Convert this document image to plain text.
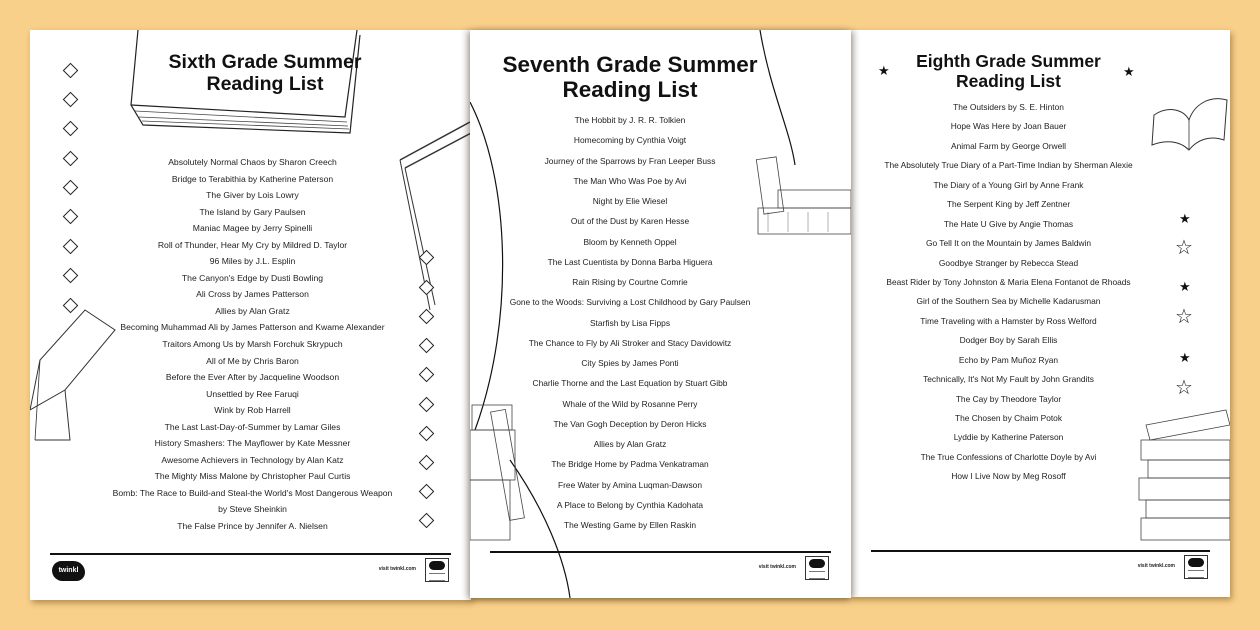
Sixth Grade Summer
Reading List
Absolutely Normal Chaos by Sharon Creech
Bridge to Terabithia by Katherine Paterson
The Giver by Lois Lowry
The Island by Gary Paulsen
Maniac Magee by Jerry Spinelli
Roll of Thunder, Hear My Cry by Mildred D. Taylor
96 Miles by J.L. Esplin
The Canyon's Edge by Dusti Bowling
Ali Cross by James Patterson
Allies by Alan Gratz
Becoming Muhammad Ali by James Patterson and Kwame Alexander
Traitors Among Us by Marsh Forchuk Skrypuch
All of Me by Chris Baron
Before the Ever After by Jacqueline Woodson
Unsettled by Ree Faruqi
Wink by Rob Harrell
The Last Last-Day-of-Summer by Lamar Giles
History Smashers: The Mayflower by Kate Messner
Awesome Achievers in Technology by Alan Katz
The Mighty Miss Malone by Christopher Paul Curtis
Bomb: The Race to Build-and Steal-the World's Most Dangerous Weapon
by Steve Sheinkin
The False Prince by Jennifer A. Nielsen
twinkl	visit twinkl.com
Seventh Grade Summer
Reading List
The Hobbit by J. R. R. Tolkien
Homecoming by Cynthia Voigt
Journey of the Sparrows by Fran Leeper Buss
The Man Who Was Poe by Avi
Night by Elie Wiesel
Out of the Dust by Karen Hesse
Bloom by Kenneth Oppel
The Last Cuentista by Donna Barba Higuera
Rain Rising by Courtne Comrie
Gone to the Woods: Surviving a Lost Childhood by Gary Paulsen
Starfish by Lisa Fipps
The Chance to Fly by Ali Stroker and Stacy Davidowitz
City Spies by James Ponti
Charlie Thorne and the Last Equation by Stuart Gibb
Whale of the Wild by Rosanne Perry
The Van Gogh Deception by Deron Hicks
Allies by Alan Gratz
The Bridge Home by Padma Venkatraman
Free Water by Amina Luqman-Dawson
A Place to Belong by Cynthia Kadohata
The Westing Game by Ellen Raskin
visit twinkl.com
★	★
★
☆
★
☆
★
☆
Eighth Grade Summer
Reading List
The Outsiders by S. E. Hinton
Hope Was Here by Joan Bauer
Animal Farm by George Orwell
The Absolutely True Diary of a Part-Time Indian by Sherman Alexie
The Diary of a Young Girl by Anne Frank
The Serpent King by Jeff Zentner
The Hate U Give by Angie Thomas
Go Tell It on the Mountain by James Baldwin
Goodbye Stranger by Rebecca Stead
Beast Rider by Tony Johnston & Maria Elena Fontanot de Rhoads
Girl of the Southern Sea by Michelle Kadarusman
Time Traveling with a Hamster by Ross Welford
Dodger Boy by Sarah Ellis
Echo by Pam Muñoz Ryan
Technically, It's Not My Fault by John Grandits
The Cay by Theodore Taylor
The Chosen by Chaim Potok
Lyddie by Katherine Paterson
The True Confessions of Charlotte Doyle by Avi
How I Live Now by Meg Rosoff
visit twinkl.com
